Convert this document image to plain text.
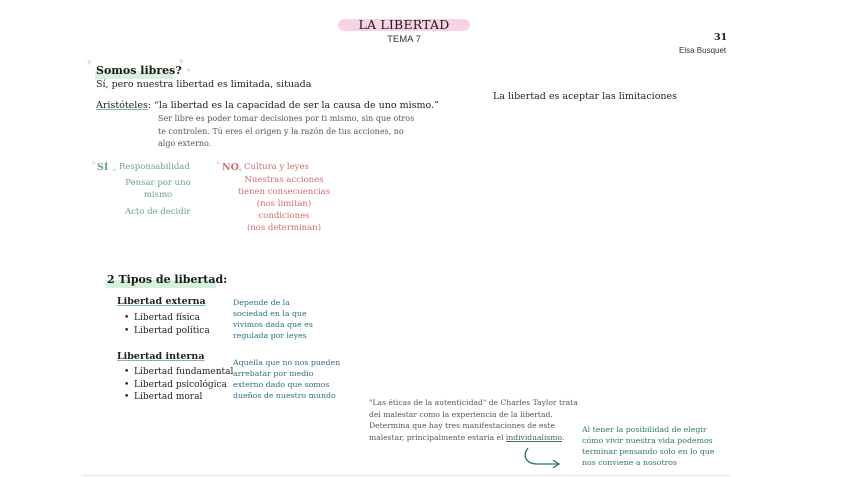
LA LIBERTAD
TEMA 7	31
Elsa Busquet
✧	✧
✧
Somos libres?
Sí, pero nuestra libertad es limitada, situada
La libertad es aceptar las limitaciones
Aristóteles: “la libertad es la capacidad de ser la causa de uno mismo.”
Ser libre es poder tomar decisiones por ti mismo, sin que otros
te controlen. Tú eres el origen y la razón de tus acciones, no
algo externo.
✧ SÍ ✧ Responsabilidad
Pensar por uno mismo
Acto de decidir
✧ NO ✧ Cultura y leyes
Nuestras acciones
tienen consecuencias
(nos limitan)
condiciones
(nos determinan)
2 Tipos de libertad:
Libertad externa
• Libertad física
• Libertad política
Depende de la
sociedad en la que
vivimos dada que es
regulada por leyes
Libertad interna
• Libertad fundamental
• Libertad psicológica
• Libertad moral
Aquella que no nos pueden
arrebatar por medio
externo dado que somos
dueños de nuestro mundo
"Las éticas de la autenticidad" de Charles Taylor trata
del malestar como la experiencia de la libertad.
Determina que hay tres manifestaciones de este
malestar, principalmente estaría el individualismo.
Al tener la posibilidad de elegir
cómo vivir nuestra vida podemos
terminar pensando solo en lo que
nos conviene a nosotros
